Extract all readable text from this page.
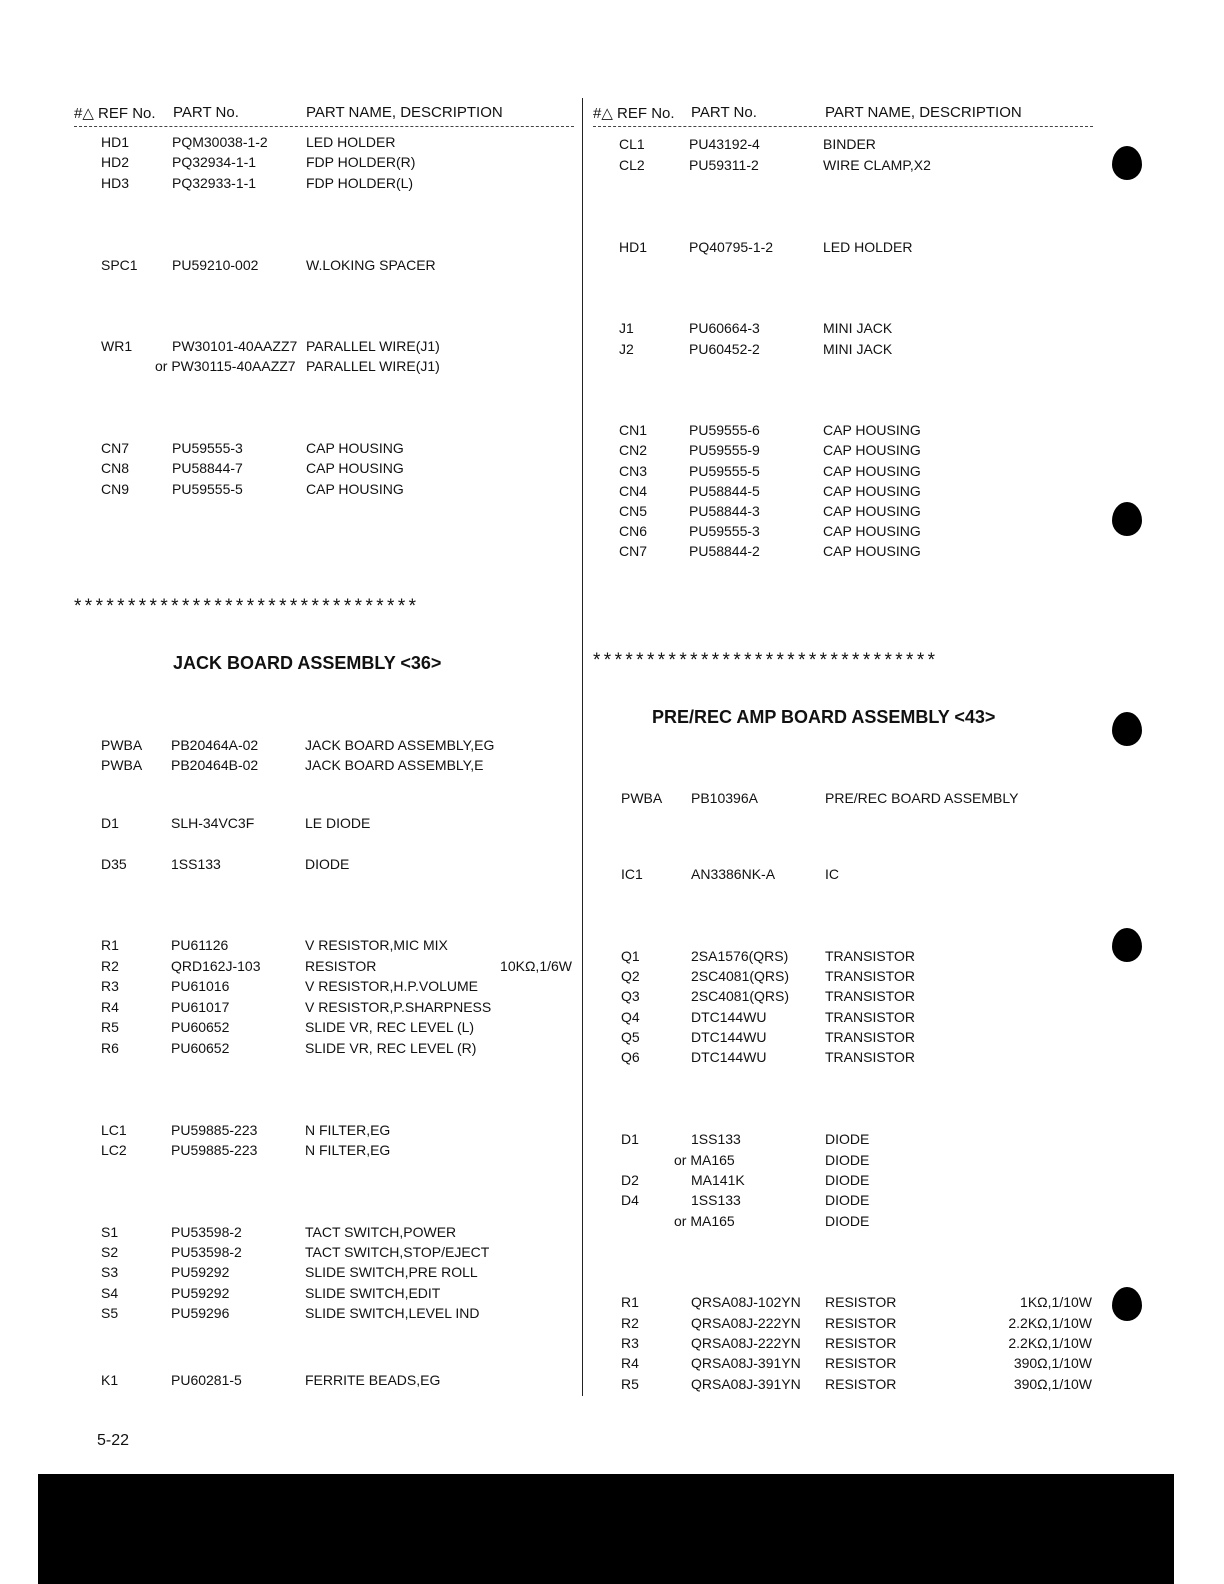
#△ REF No. PART No.	PART NAME, DESCRIPTION	#△ REF No. PART No.	PART NAME, DESCRIPTION
HD1	PQM30038-1-2	LED HOLDER
HD2	PQ32934-1-1	FDP HOLDER(R)
HD3	PQ32933-1-1	FDP HOLDER(L)
SPC1 PU59210-002	W.LOKING SPACER
WR1	PW30101-40AAZZ7 PARALLEL WIRE(J1)
or PW30115-40AAZZ7 PARALLEL WIRE(J1)
CN7	PU59555-3	CAP HOUSING
CN8	PU58844-7	CAP HOUSING
CN9	PU59555-5	CAP HOUSING
********************************
JACK BOARD ASSEMBLY <36>
PWBA PB20464A-02	JACK BOARD ASSEMBLY,EG
PWBA PB20464B-02	JACK BOARD ASSEMBLY,E
D1	SLH-34VC3F	LE DIODE
D35	1SS133	DIODE
R1	PU61126	V RESISTOR,MIC MIX
R2	QRD162J-103	RESISTOR	10KΩ,1/6W
R3	PU61016	V RESISTOR,H.P.VOLUME
R4	PU61017	V RESISTOR,P.SHARPNESS
R5	PU60652	SLIDE VR, REC LEVEL (L)
R6	PU60652	SLIDE VR, REC LEVEL (R)
LC1	PU59885-223	N FILTER,EG
LC2	PU59885-223	N FILTER,EG
S1	PU53598-2	TACT SWITCH,POWER
S2	PU53598-2	TACT SWITCH,STOP/EJECT
S3	PU59292	SLIDE SWITCH,PRE ROLL
S4	PU59292	SLIDE SWITCH,EDIT
S5	PU59296	SLIDE SWITCH,LEVEL IND
K1	PU60281-5	FERRITE BEADS,EG
CL1	PU43192-4	BINDER
CL2	PU59311-2	WIRE CLAMP,X2
HD1	PQ40795-1-2	LED HOLDER
J1	PU60664-3	MINI JACK
J2	PU60452-2	MINI JACK
CN1	PU59555-6	CAP HOUSING
CN2	PU59555-9	CAP HOUSING
CN3	PU59555-5	CAP HOUSING
CN4	PU58844-5	CAP HOUSING
CN5	PU58844-3	CAP HOUSING
CN6	PU59555-3	CAP HOUSING
CN7	PU58844-2	CAP HOUSING
********************************
PRE/REC AMP BOARD ASSEMBLY <43>
PWBA PB10396A	PRE/REC BOARD ASSEMBLY
IC1	AN3386NK-A	IC
Q1	2SA1576(QRS)	TRANSISTOR
Q2	2SC4081(QRS)	TRANSISTOR
Q3	2SC4081(QRS)	TRANSISTOR
Q4	DTC144WU	TRANSISTOR
Q5	DTC144WU	TRANSISTOR
Q6	DTC144WU	TRANSISTOR
D1	1SS133	DIODE
or MA165	DIODE
D2	MA141K	DIODE
D4	1SS133	DIODE
or MA165	DIODE
R1	QRSA08J-102YN RESISTOR	1KΩ,1/10W
R2	QRSA08J-222YN RESISTOR	2.2KΩ,1/10W
R3	QRSA08J-222YN RESISTOR	2.2KΩ,1/10W
R4	QRSA08J-391YN RESISTOR	390Ω,1/10W
R5	QRSA08J-391YN RESISTOR	390Ω,1/10W
5-22
